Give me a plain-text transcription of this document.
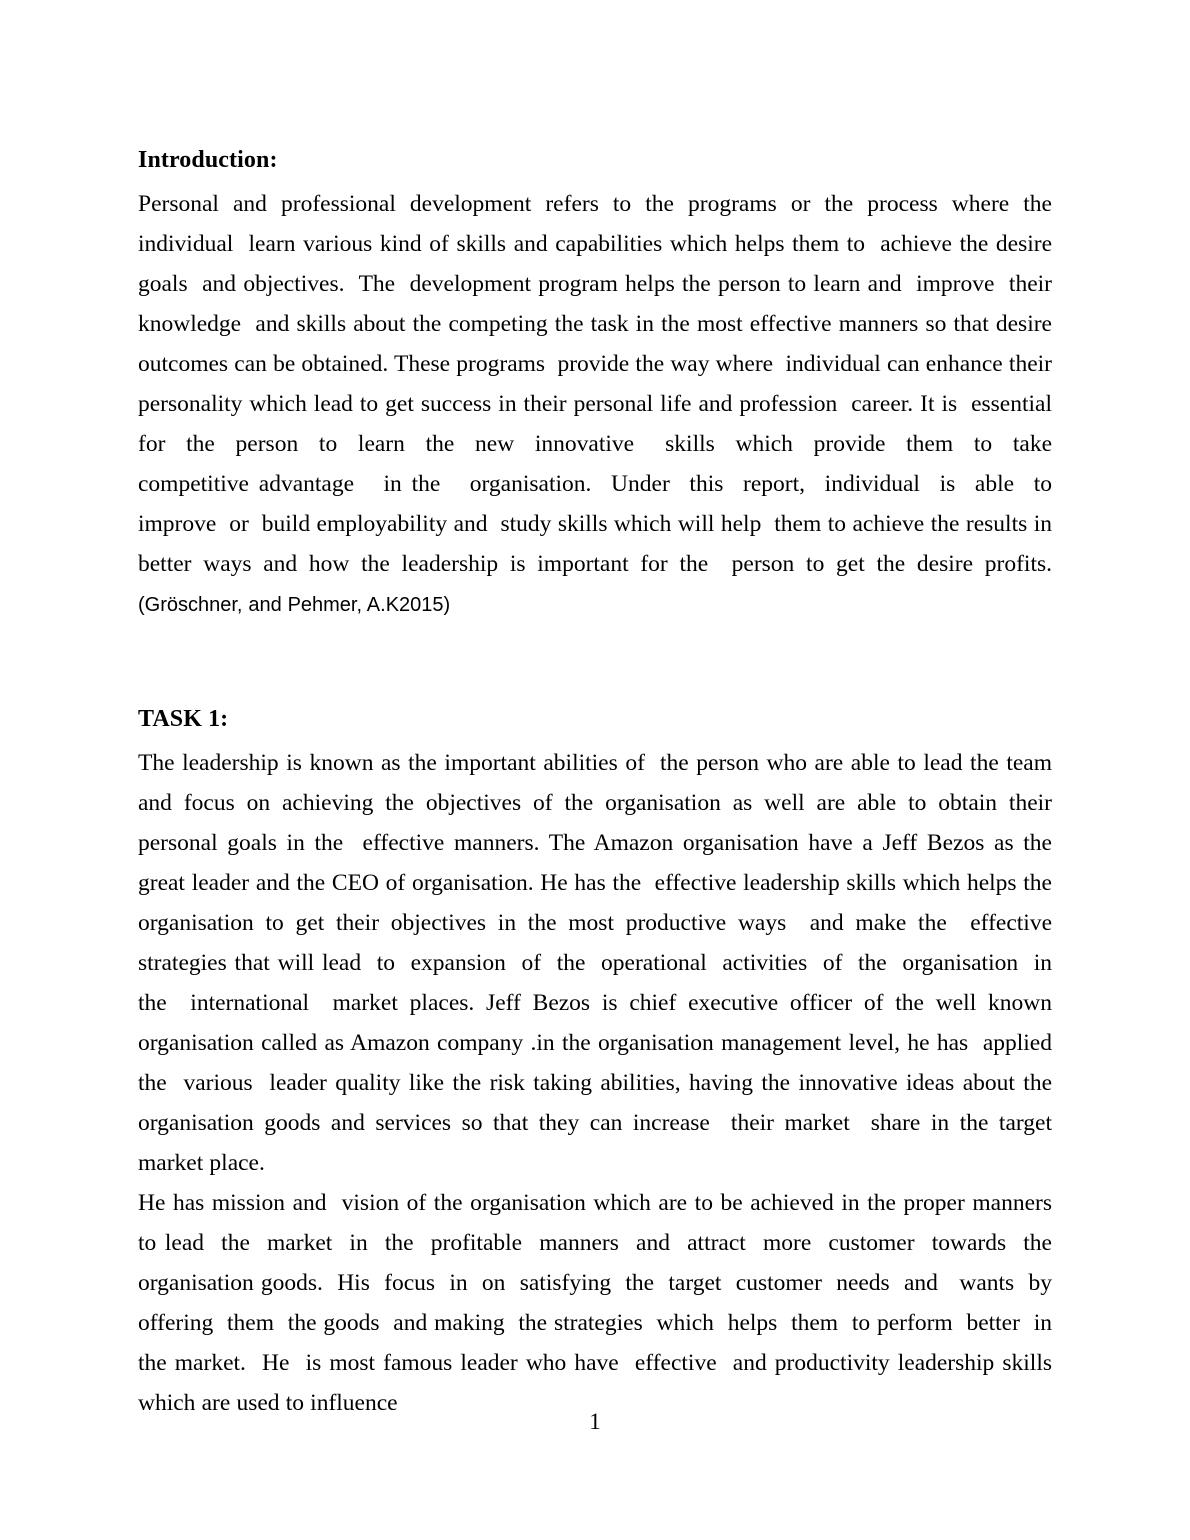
Introduction:

Personal  and  professional  development  refers  to  the  programs  or  the  process  where  the individual  learn various kind of skills and capabilities which helps them to  achieve the desire goals  and objectives.  The  development program helps the person to learn and  improve  their knowledge  and skills about the competing the task in the most effective manners so that desire outcomes can be obtained. These programs  provide the way where  individual can enhance their personality which lead to get success in their personal life and profession  career. It is  essential for  the  person  to  learn  the  new  innovative   skills  which  provide  them  to  take  competitive advantage   in the   organisation.  Under  this  report,  individual  is  able  to  improve  or  build employability and  study skills which will help  them to achieve the results in better ways and how the leadership is important for the  person to get the desire profits. (Gröschner, and Pehmer, A.K2015)

TASK 1:

The leadership is known as the important abilities of  the person who are able to lead the team and focus on achieving the objectives of the organisation as well are able to obtain their personal goals in the  effective manners. The Amazon organisation have a Jeff Bezos as the great leader and the CEO of organisation. He has the  effective leadership skills which helps the organisation to get their objectives in the most productive ways  and make the  effective  strategies that will lead  to  expansion  of  the  operational  activities  of  the  organisation  in  the  international  market places. Jeff Bezos is chief executive officer of the well known organisation called as Amazon company .in the organisation management level, he has  applied the  various  leader quality like the risk taking abilities, having the innovative ideas about the organisation goods and services so that they can increase  their market  share in the target market place.

He has mission and  vision of the organisation which are to be achieved in the proper manners to lead  the  market  in  the  profitable  manners  and  attract  more  customer  towards  the  organisation goods.  His  focus  in  on  satisfying  the  target  customer  needs  and   wants  by  offering  them  the goods  and making  the strategies  which  helps  them  to perform  better  in  the market.  He  is most famous leader who have  effective  and productivity leadership skills which are used to influence

1
